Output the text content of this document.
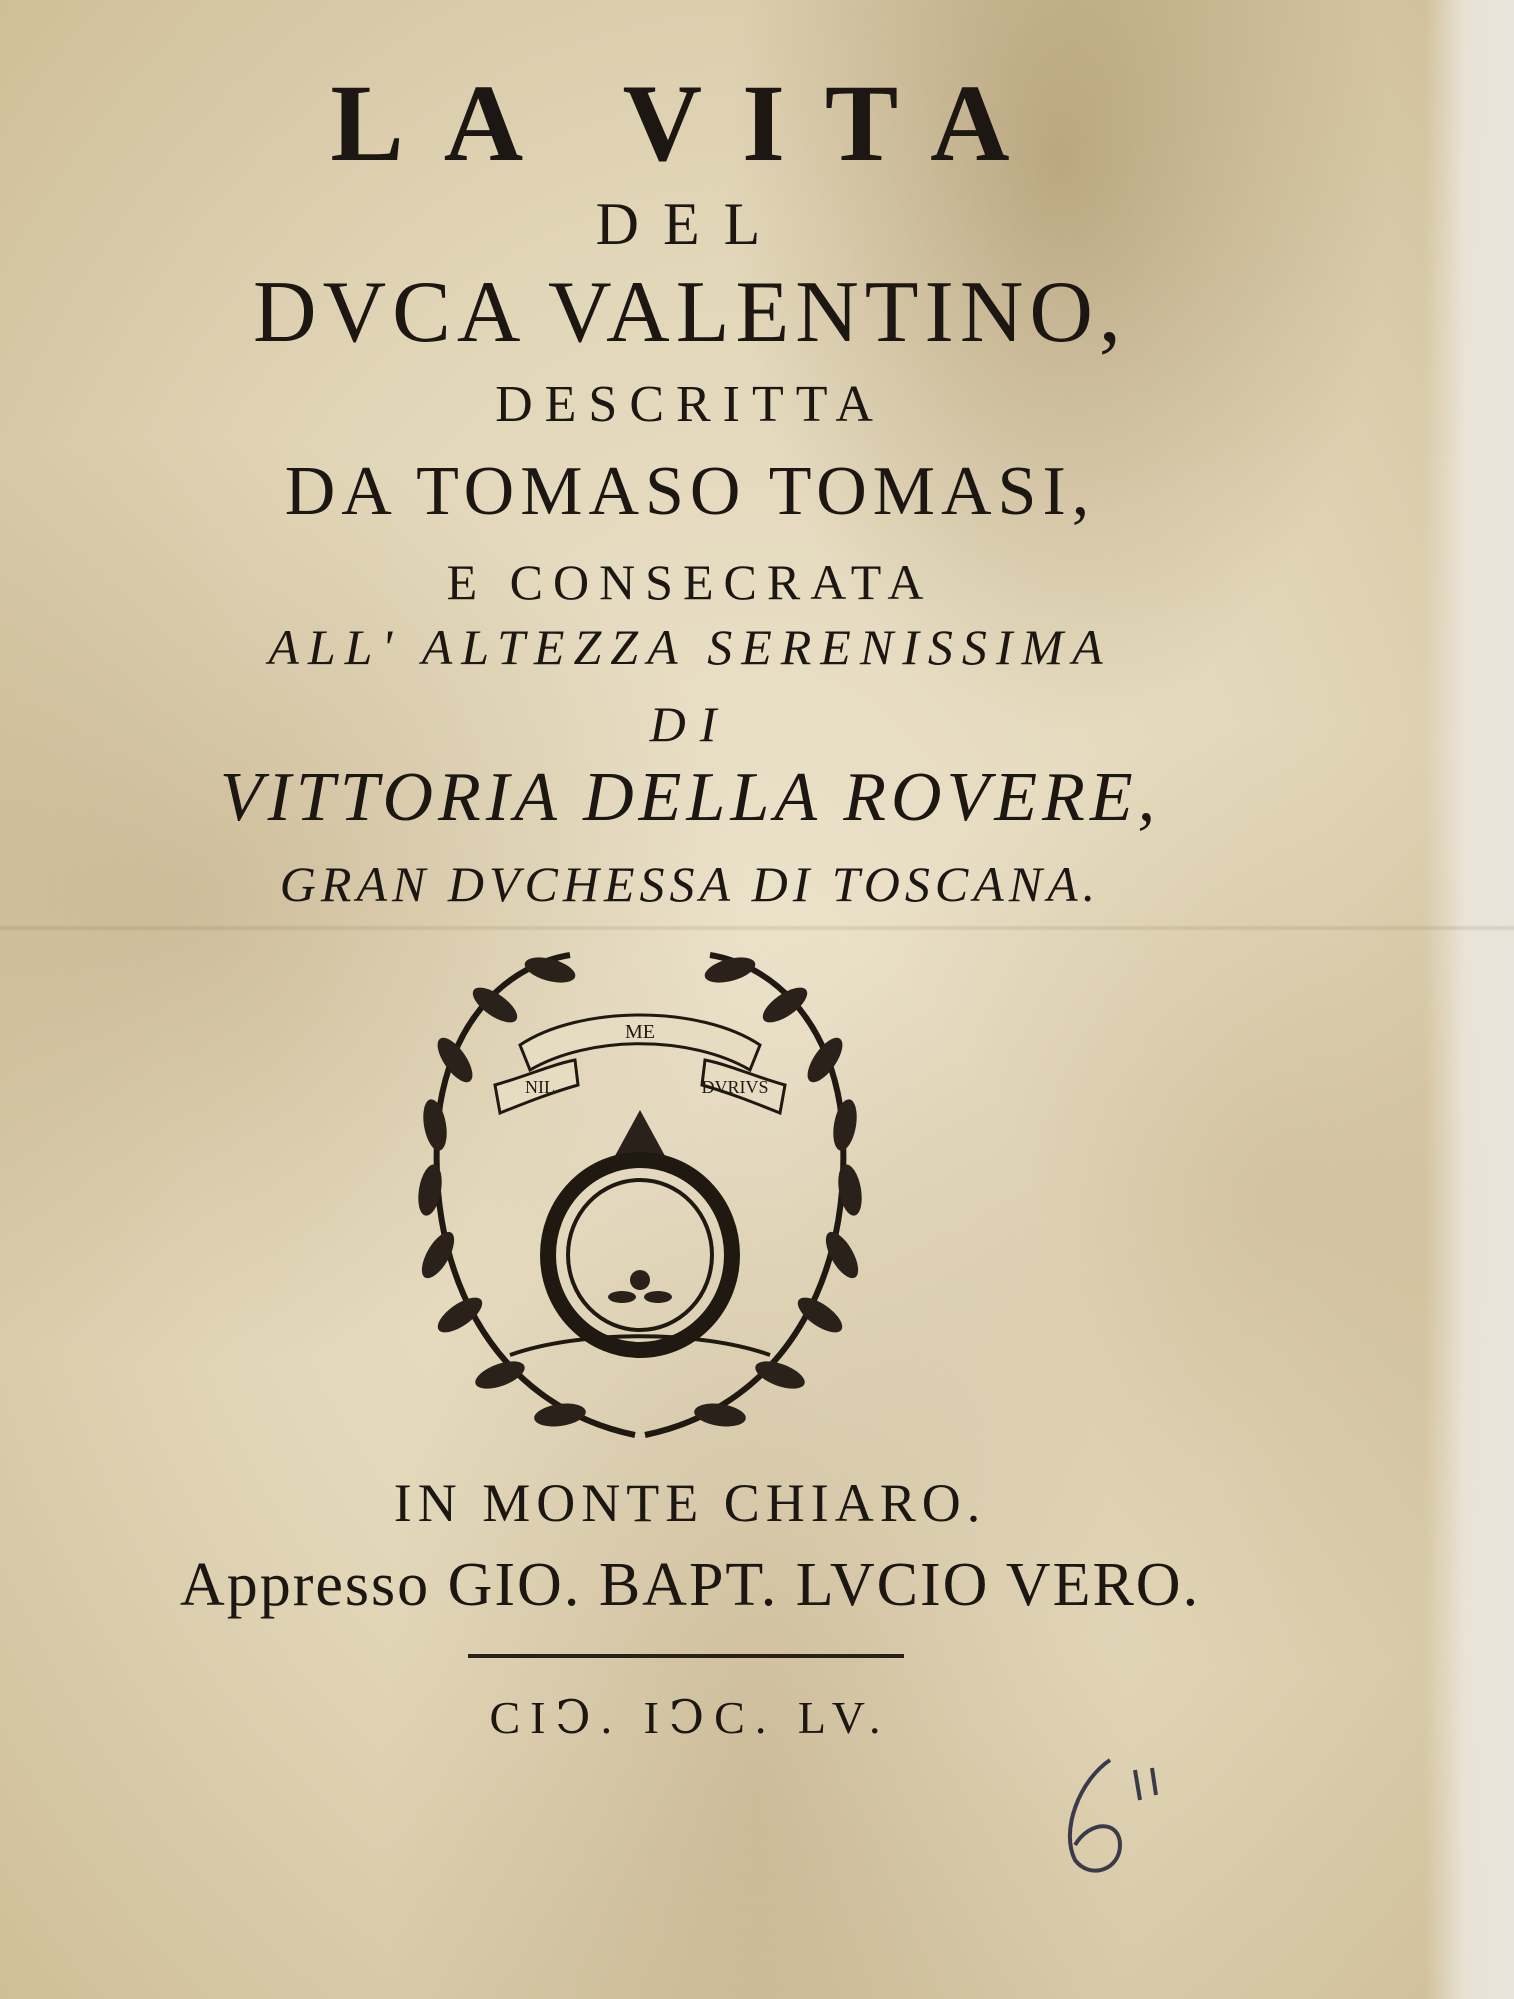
LA VITA
DEL
DVCA VALENTINO,
DESCRITTA
DA TOMASO TOMASI,
E CONSECRATA
ALL' ALTEZZA SERENISSIMA
DI
VITTORIA DELLA ROVERE,
GRAN DVCHESSA DI TOSCANA.
ME
NIL	DVRIVS
IN MONTE CHIARO.
Appresso GIO. BAPT. LVCIO VERO.
CIↃ. IↃC. LV.
